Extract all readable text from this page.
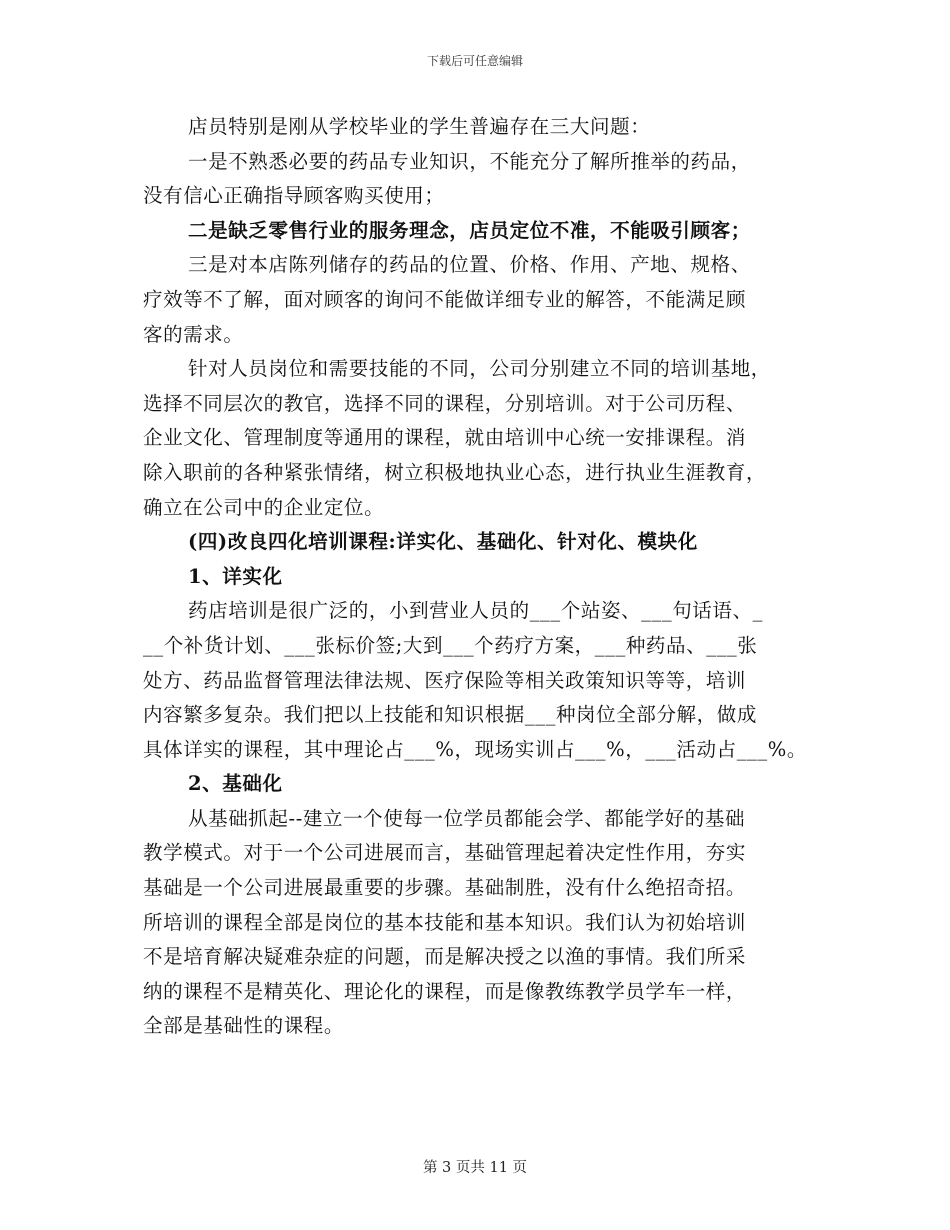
下载后可任意编辑
店员特别是刚从学校毕业的学生普遍存在三大问题：
一是不熟悉必要的药品专业知识，不能充分了解所推举的药品，
没有信心正确指导顾客购买使用；
二是缺乏零售行业的服务理念，店员定位不准，不能吸引顾客；
三是对本店陈列储存的药品的位置、价格、作用、产地、规格、
疗效等不了解，面对顾客的询问不能做详细专业的解答，不能满足顾
客的需求。
针对人员岗位和需要技能的不同，公司分别建立不同的培训基地，
选择不同层次的教官，选择不同的课程，分别培训。对于公司历程、
企业文化、管理制度等通用的课程，就由培训中心统一安排课程。消
除入职前的各种紧张情绪，树立积极地执业心态，进行执业生涯教育，
确立在公司中的企业定位。
(四)改良四化培训课程:详实化、基础化、针对化、模块化
1、详实化
药店培训是很广泛的，小到营业人员的___个站姿、___句话语、_
__个补货计划、___张标价签;大到___个药疗方案，___种药品、___张
处方、药品监督管理法律法规、医疗保险等相关政策知识等等，培训
内容繁多复杂。我们把以上技能和知识根据___种岗位全部分解，做成
具体详实的课程，其中理论占___%，现场实训占___%，___活动占___%。
2、基础化
从基础抓起--建立一个使每一位学员都能会学、都能学好的基础
教学模式。对于一个公司进展而言，基础管理起着决定性作用，夯实
基础是一个公司进展最重要的步骤。基础制胜，没有什么绝招奇招。
所培训的课程全部是岗位的基本技能和基本知识。我们认为初始培训
不是培育解决疑难杂症的问题，而是解决授之以渔的事情。我们所采
纳的课程不是精英化、理论化的课程，而是像教练教学员学车一样，
全部是基础性的课程。
第 3 页共 11 页
